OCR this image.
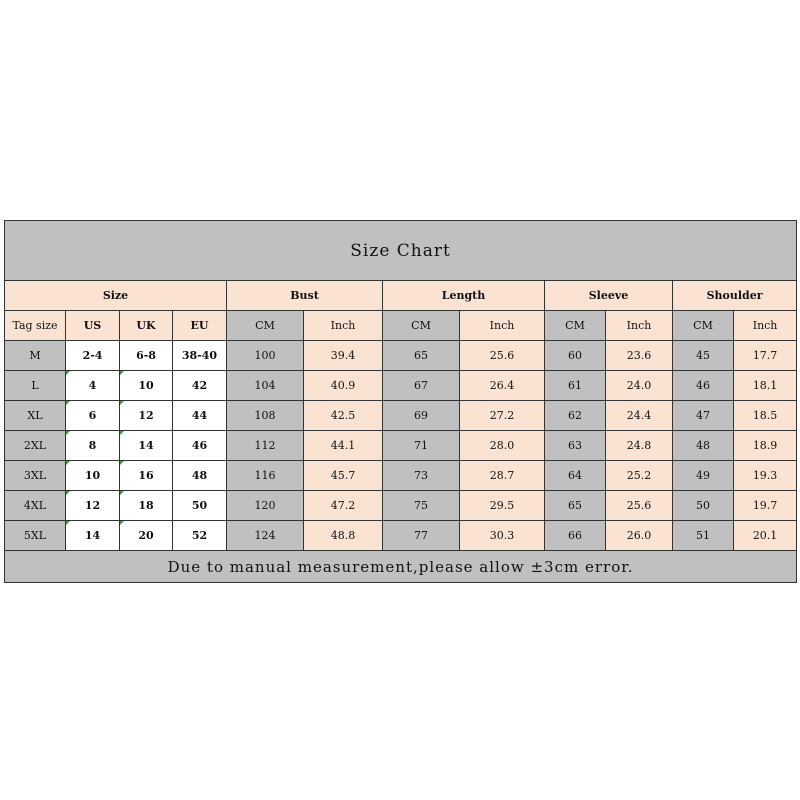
Size Chart											
Size				Bust		Length		Sleeve		Shoulder	
Tag size	US	UK	EU	CM	Inch	CM	Inch	CM	Inch	CM	Inch
M	2-4	6-8	38-40	100	39.4	65	25.6	60	23.6	45	17.7
L	4	10	42	104	40.9	67	26.4	61	24.0	46	18.1
XL	6	12	44	108	42.5	69	27.2	62	24.4	47	18.5
2XL	8	14	46	112	44.1	71	28.0	63	24.8	48	18.9
3XL	10	16	48	116	45.7	73	28.7	64	25.2	49	19.3
4XL	12	18	50	120	47.2	75	29.5	65	25.6	50	19.7
5XL	14	20	52	124	48.8	77	30.3	66	26.0	51	20.1
Due to manual measurement,please allow ±3cm error.											
